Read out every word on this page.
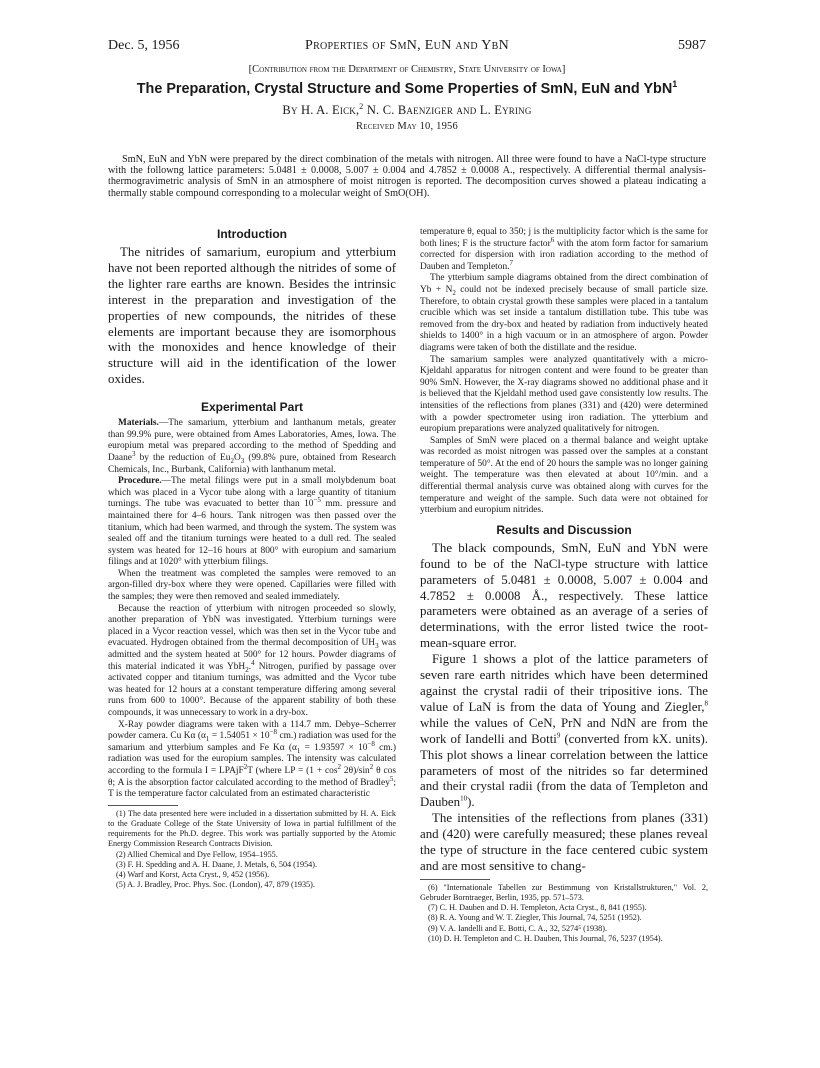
Dec. 5, 1956	Properties of SmN, EuN and YbN	5987

[Contribution from the Department of Chemistry, State University of Iowa]

The Preparation, Crystal Structure and Some Properties of SmN, EuN and YbN$^1$

By H. A. Eick,$^2$ N. C. Baenziger and L. Eyring

Received May 10, 1956

SmN, EuN and YbN were prepared by the direct combination of the metals with nitrogen. All three were found to have a NaCl-type structure with the followng lattice parameters: 5.0481 ± 0.0008, 5.007 ± 0.004 and 4.7852 ± 0.0008 A., respectively. A differential thermal analysis-thermogravimetric analysis of SmN in an atmosphere of moist nitrogen is reported. The decomposition curves showed a plateau indicating a thermally stable compound corresponding to a molecular weight of SmO(OH).

Introduction

The nitrides of samarium, europium and ytterbium have not been reported although the nitrides of some of the lighter rare earths are known. Besides the intrinsic interest in the preparation and investigation of the properties of new compounds, the nitrides of these elements are important because they are isomorphous with the monoxides and hence knowledge of their structure will aid in the identification of the lower oxides.

Experimental Part

Materials.—The samarium, ytterbium and lanthanum metals, greater than 99.9% pure, were obtained from Ames Laboratories, Ames, Iowa. The europium metal was prepared according to the method of Spedding and Daane$^3$ by the reduction of $Eu_2O_3$ (99.8% pure, obtained from Research Chemicals, Inc., Burbank, California) with lanthanum metal.

Procedure.—The metal filings were put in a small molybdenum boat which was placed in a Vycor tube along with a large quantity of titanium turnings. The tube was evacuated to better than $10^{-5}$ mm. pressure and maintained there for 4–6 hours. Tank nitrogen was then passed over the titanium, which had been warmed, and through the system. The system was sealed off and the titanium turnings were heated to a dull red. The sealed system was heated for 12–16 hours at 800° with europium and samarium filings and at 1020° with ytterbium filings.

When the treatment was completed the samples were removed to an argon-filled dry-box where they were opened. Capillaries were filled with the samples; they were then removed and sealed immediately.

Because the reaction of ytterbium with nitrogen proceeded so slowly, another preparation of YbN was investigated. Ytterbium turnings were placed in a Vycor reaction vessel, which was then set in the Vycor tube and evacuated. Hydrogen obtained from the thermal decomposition of $UH_3$ was admitted and the system heated at 500° for 12 hours. Powder diagrams of this material indicated it was YbH$_2$.$^4$ Nitrogen, purified by passage over activated copper and titanium turnings, was admitted and the Vycor tube was heated for 12 hours at a constant temperature differing among several runs from 600 to 1000°. Because of the apparent stability of both these compounds, it was unnecessary to work in a dry-box.

X-Ray powder diagrams were taken with a 114.7 mm. Debye–Scherrer powder camera. Cu Kα ($\alpha_1 = 1.54051 \times 10^{-8}$ cm.) radiation was used for the samarium and ytterbium samples and Fe Kα ($\alpha_1 = 1.93597 \times 10^{-8}$ cm.) radiation was used for the europium samples. The intensity was calculated according to the formula I = LPAjF$^2$T (where LP = $(1 + \cos^2 2\theta)/\sin^2$ θ cos θ; A is the absorption factor calculated according to the method of Bradley$^5$; T is the temperature factor calculated from an estimated characteristic

(1) The data presented here were included in a dissertation submitted by H. A. Eick to the Graduate College of the State University of Iowa in partial fulfillment of the requirements for the Ph.D. degree. This work was partially supported by the Atomic Energy Commission Research Contracts Division.

(2) Allied Chemical and Dye Fellow, 1954–1955.

(3) F. H. Spedding and A. H. Daane, J. Metals, 6, 504 (1954).

(4) Warf and Korst, Acta Cryst., 9, 452 (1956).

(5) A. J. Bradley, Proc. Phys. Soc. (London), 47, 879 (1935).

temperature θ, equal to 350; j is the multiplicity factor which is the same for both lines; F is the structure factor$^6$ with the atom form factor for samarium corrected for dispersion with iron radiation according to the method of Dauben and Templeton.$^7$

The ytterbium sample diagrams obtained from the direct combination of $Yb + N_2$ could not be indexed precisely because of small particle size. Therefore, to obtain crystal growth these samples were placed in a tantalum crucible which was set inside a tantalum distillation tube. This tube was removed from the dry-box and heated by radiation from inductively heated shields to 1400° in a high vacuum or in an atmosphere of argon. Powder diagrams were taken of both the distillate and the residue.

The samarium samples were analyzed quantitatively with a micro-Kjeldahl apparatus for nitrogen content and were found to be greater than 90% SmN. However, the X-ray diagrams showed no additional phase and it is believed that the Kjeldahl method used gave consistently low results. The intensities of the reflections from planes (331) and (420) were determined with a powder spectrometer using iron radiation. The ytterbium and europium preparations were analyzed qualitatively for nitrogen.

Samples of SmN were placed on a thermal balance and weight uptake was recorded as moist nitrogen was passed over the samples at a constant temperature of 50°. At the end of 20 hours the sample was no longer gaining weight. The temperature was then elevated at about 10°/min. and a differential thermal analysis curve was obtained along with curves for the temperature and weight of the sample. Such data were not obtained for ytterbium and europium nitrides.

Results and Discussion

The black compounds, SmN, EuN and YbN were found to be of the NaCl-type structure with lattice parameters of 5.0481 ± 0.0008, 5.007 ± 0.004 and 4.7852 ± 0.0008 Å., respectively. These lattice parameters were obtained as an average of a series of determinations, with the error listed twice the root-mean-square error.

Figure 1 shows a plot of the lattice parameters of seven rare earth nitrides which have been determined against the crystal radii of their tripositive ions. The value of LaN is from the data of Young and Ziegler,$^8$ while the values of CeN, PrN and NdN are from the work of Iandelli and Botti$^9$ (converted from kX. units). This plot shows a linear correlation between the lattice parameters of most of the nitrides so far determined and their crystal radii (from the data of Templeton and Dauben$^{10}$).

The intensities of the reflections from planes (331) and (420) were carefully measured; these planes reveal the type of structure in the face centered cubic system and are most sensitive to chang-

(6) "Internationale Tabellen zur Bestimmung von Kristallstrukturen," Vol. 2, Gebruder Borntraeger, Berlin, 1935, pp. 571–573.

(7) C. H. Dauben and D. H. Templeton, Acta Cryst., 8, 841 (1955).

(8) R. A. Young and W. T. Ziegler, This Journal, 74, 5251 (1952).

(9) V. A. Iandelli and E. Botti, C. A., 32, 5274⁵ (1938).

(10) D. H. Templeton and C. H. Dauben, This Journal, 76, 5237 (1954).
